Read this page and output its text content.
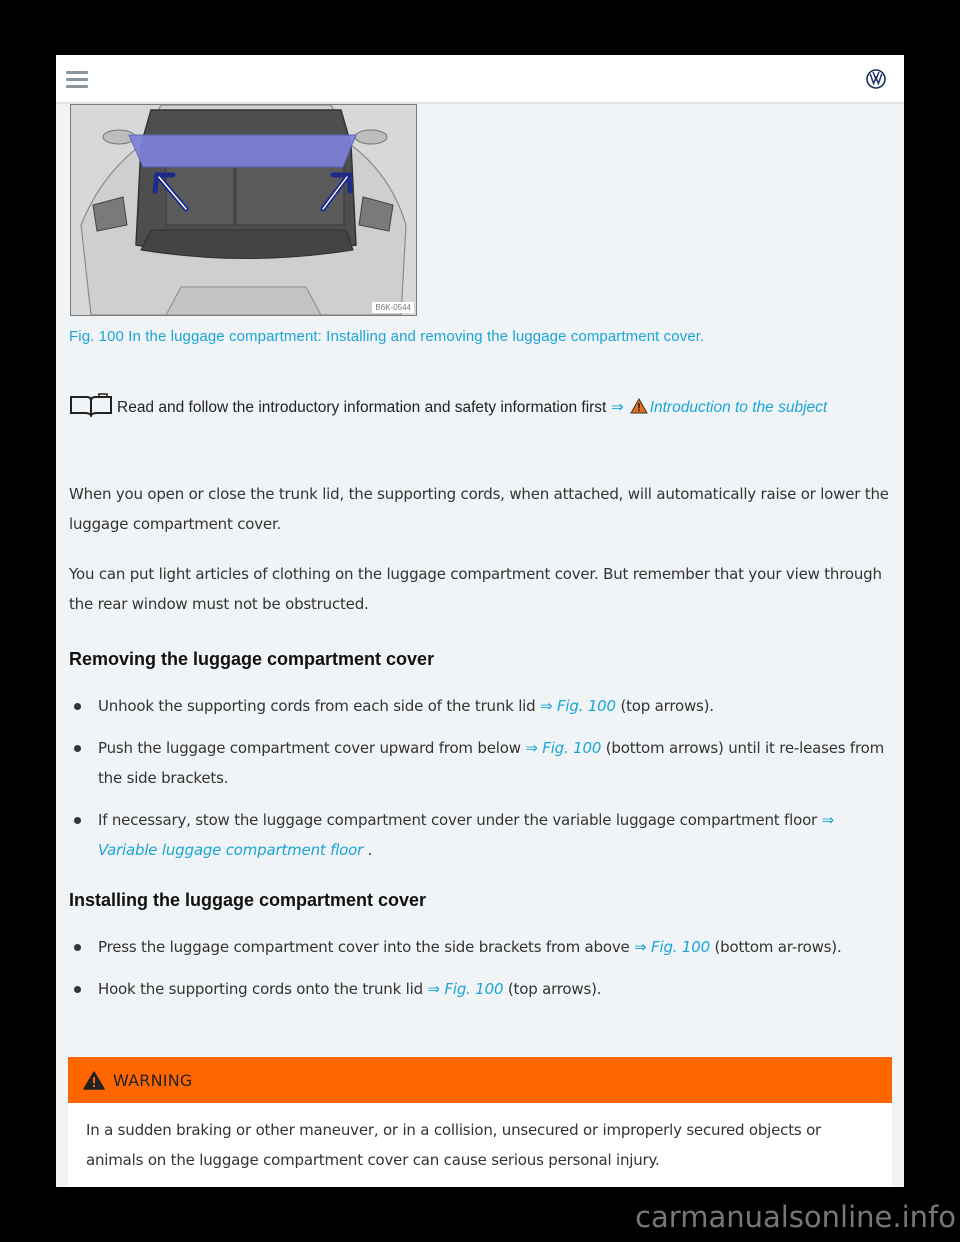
B6K-0544
Fig. 100 In the luggage compartment: Installing and removing the luggage compartment cover.
Read and follow the introductory information and safety information first ⇒ Introduction to the subject
When you open or close the trunk lid, the supporting cords, when attached, will automatically raise or lower the luggage compartment cover.
You can put light articles of clothing on the luggage compartment cover. But remember that your view through the rear window must not be obstructed.
Removing the luggage compartment cover
Unhook the supporting cords from each side of the trunk lid ⇒ Fig. 100 (top arrows).
Push the luggage compartment cover upward from below ⇒ Fig. 100 (bottom arrows) until it re-leases from the side brackets.
If necessary, stow the luggage compartment cover under the variable luggage compartment floor ⇒ Variable luggage compartment floor .
Installing the luggage compartment cover
Press the luggage compartment cover into the side brackets from above ⇒ Fig. 100 (bottom ar-rows).
Hook the supporting cords onto the trunk lid ⇒ Fig. 100 (top arrows).
WARNING
In a sudden braking or other maneuver, or in a collision, unsecured or improperly secured objects or animals on the luggage compartment cover can cause serious personal injury.
carmanualsonline.info
